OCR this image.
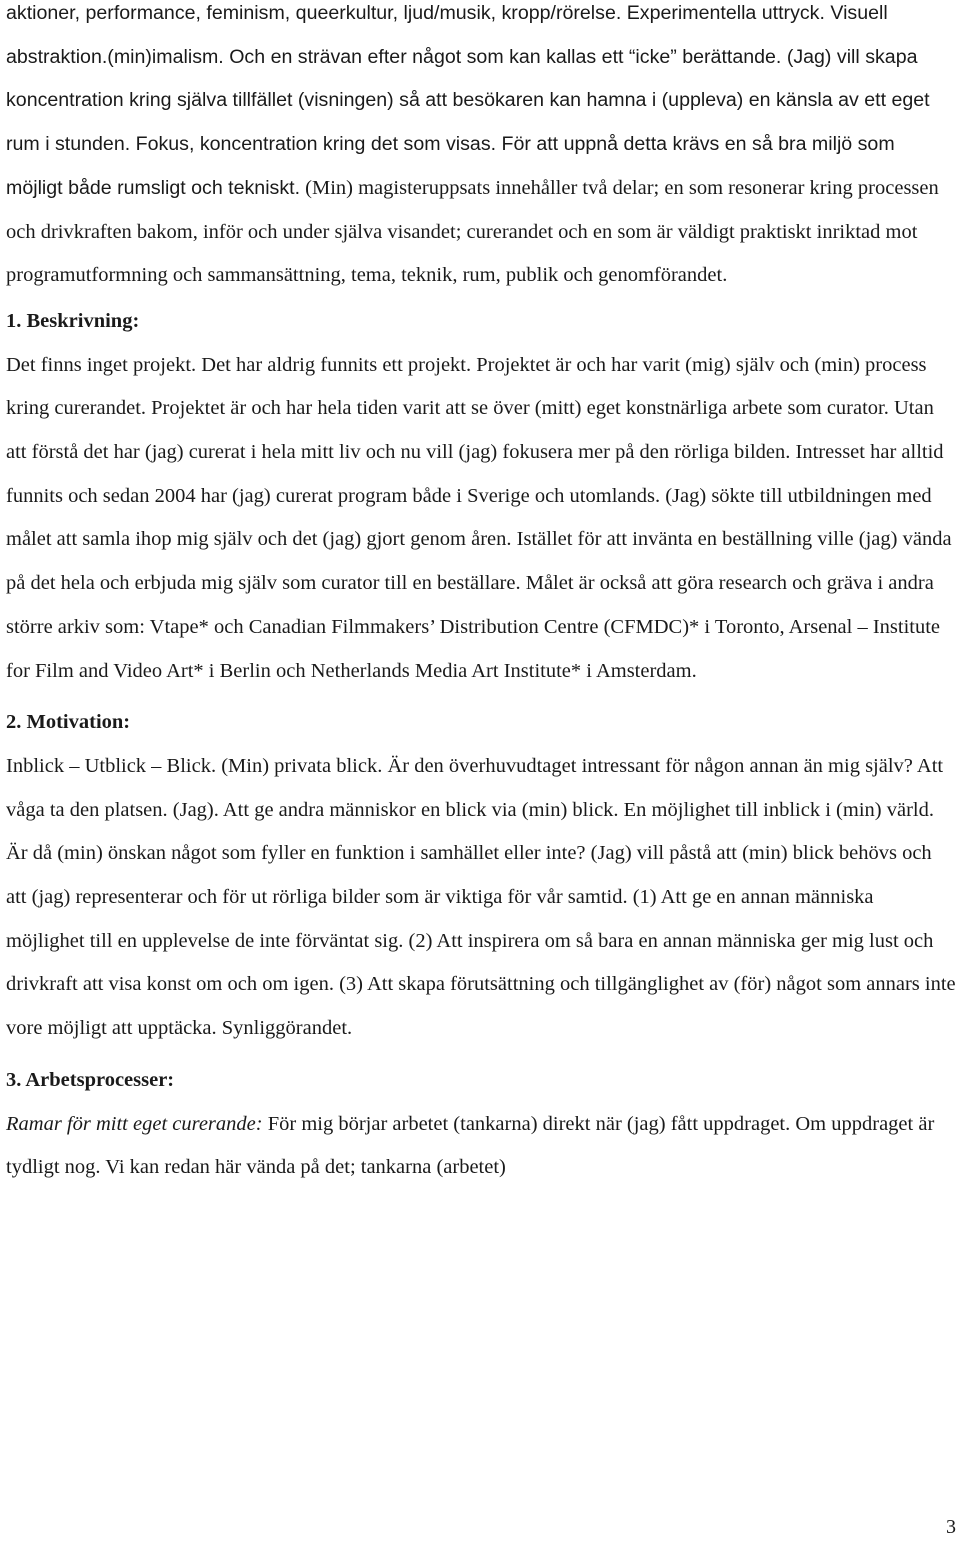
aktioner, performance, feminism, queerkultur, ljud/musik, kropp/rörelse. Experimentella uttryck. Visuell abstraktion.(min)imalism. Och en strävan efter något som kan kallas ett “icke” berättande. (Jag) vill skapa koncentration kring själva tillfället (visningen) så att besökaren kan hamna i (uppleva) en känsla av ett eget rum i stunden. Fokus, koncentration kring det som visas. För att uppnå detta krävs en så bra miljö som möjligt både rumsligt och tekniskt. (Min) magisteruppsats innehåller två delar; en som resonerar kring processen och drivkraften bakom, inför och under själva visandet; curerandet och en som är väldigt praktiskt inriktad mot programutformning och sammansättning, tema, teknik, rum, publik och genomförandet.

1. Beskrivning:

Det finns inget projekt. Det har aldrig funnits ett projekt. Projektet är och har varit (mig) själv och (min) process kring curerandet. Projektet är och har hela tiden varit att se över (mitt) eget konstnärliga arbete som curator. Utan att förstå det har (jag) curerat i hela mitt liv och nu vill (jag) fokusera mer på den rörliga bilden. Intresset har alltid funnits och sedan 2004 har (jag) curerat program både i Sverige och utomlands. (Jag) sökte till utbildningen med målet att samla ihop mig själv och det (jag) gjort genom åren. Istället för att invänta en beställning ville (jag) vända på det hela och erbjuda mig själv som curator till en beställare. Målet är också att göra research och gräva i andra större arkiv som: Vtape* och Canadian Filmmakers’ Distribution Centre (CFMDC)* i Toronto, Arsenal – Institute for Film and Video Art* i Berlin och Netherlands Media Art Institute* i Amsterdam.

2. Motivation:

Inblick – Utblick – Blick. (Min) privata blick. Är den överhuvudtaget intressant för någon annan än mig själv? Att våga ta den platsen. (Jag). Att ge andra människor en blick via (min) blick. En möjlighet till inblick i (min) värld. Är då (min) önskan något som fyller en funktion i samhället eller inte? (Jag) vill påstå att (min) blick behövs och att (jag) representerar och för ut rörliga bilder som är viktiga för vår samtid. (1) Att ge en annan människa möjlighet till en upplevelse de inte förväntat sig. (2) Att inspirera om så bara en annan människa ger mig lust och drivkraft att visa konst om och om igen. (3) Att skapa förutsättning och tillgänglighet av (för) något som annars inte vore möjligt att upptäcka. Synliggörandet.

3. Arbetsprocesser:

Ramar för mitt eget curerande: För mig börjar arbetet (tankarna) direkt när (jag) fått uppdraget. Om uppdraget är tydligt nog. Vi kan redan här vända på det; tankarna (arbetet)

3
